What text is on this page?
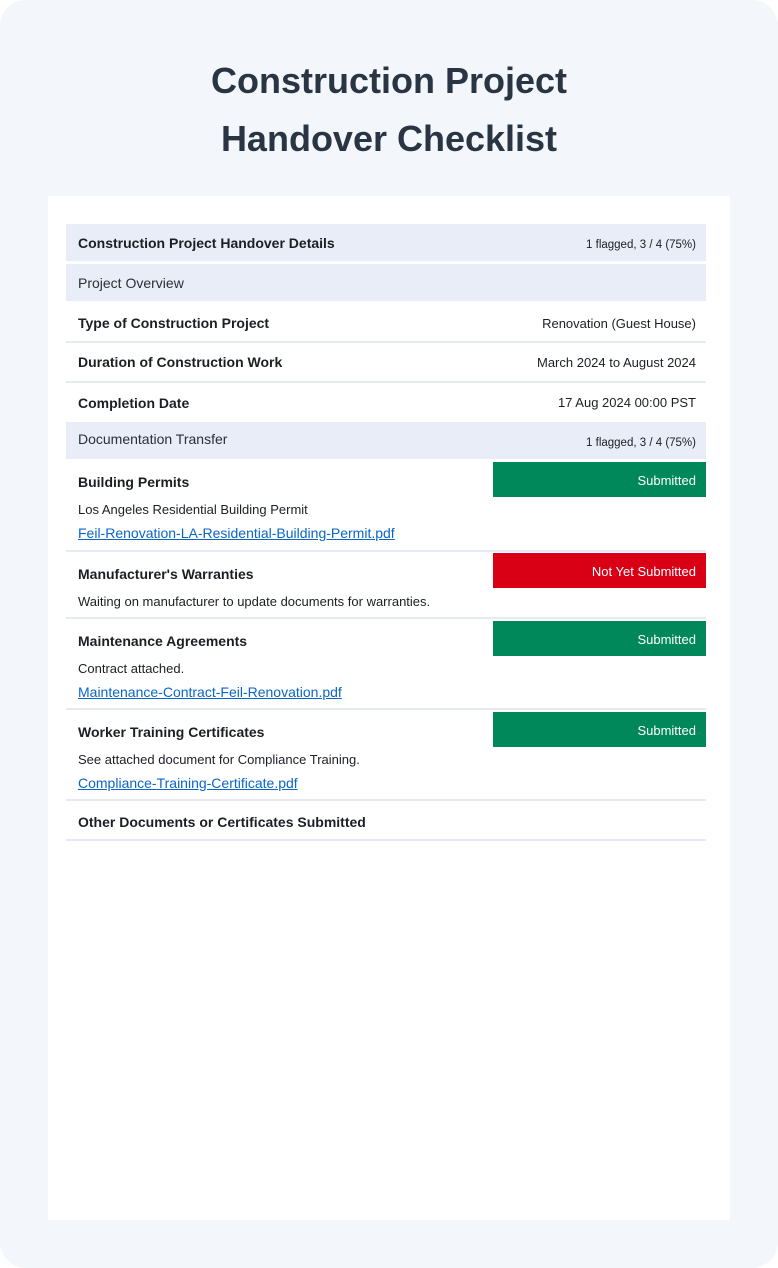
Construction Project
Handover Checklist
Construction Project Handover Details	1 flagged, 3 / 4 (75%)
Project Overview
Type of Construction Project	Renovation (Guest House)
Duration of Construction Work	March 2024 to August 2024
Completion Date	17 Aug 2024 00:00 PST
Documentation Transfer	1 flagged, 3 / 4 (75%)
Building Permits	Submitted
Los Angeles Residential Building Permit
Feil-Renovation-LA-Residential-Building-Permit.pdf
Manufacturer's Warranties	Not Yet Submitted
Waiting on manufacturer to update documents for warranties.
Maintenance Agreements	Submitted
Contract attached.
Maintenance-Contract-Feil-Renovation.pdf
Worker Training Certificates	Submitted
See attached document for Compliance Training.
Compliance-Training-Certificate.pdf
Other Documents or Certificates Submitted
